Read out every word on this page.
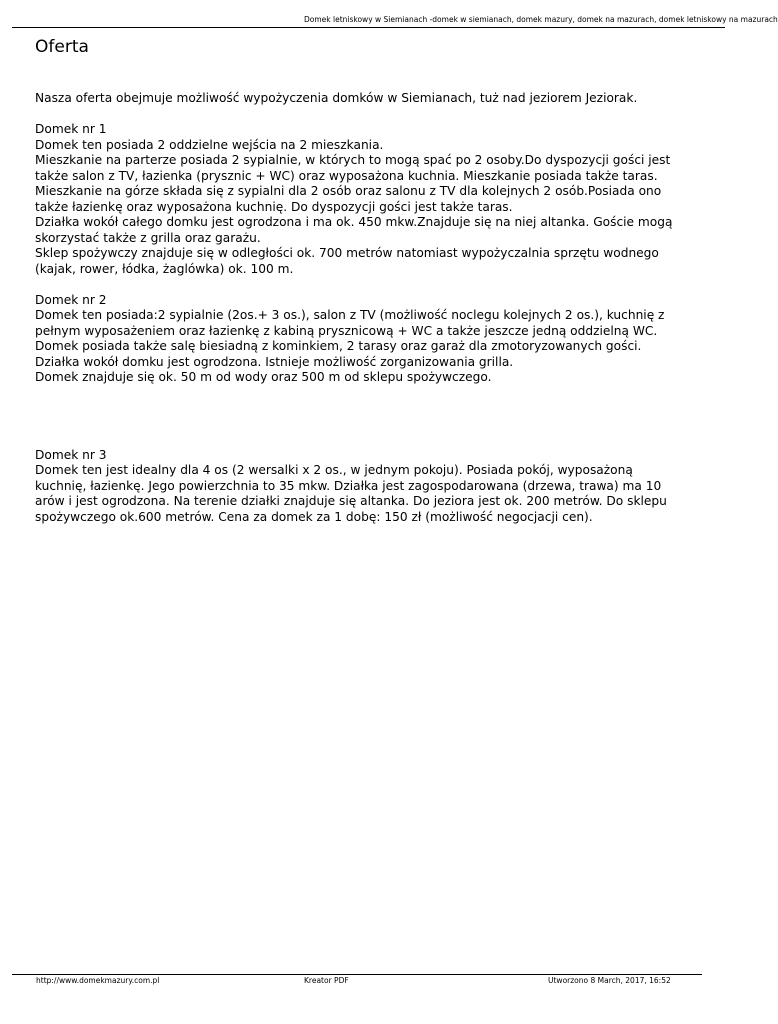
Domek letniskowy w Siemianach -domek w siemianach, domek mazury, domek na mazurach, domek letniskowy na mazurach
Oferta

Nasza oferta obejmuje możliwość wypożyczenia domków w Siemianach, tuż nad jeziorem Jeziorak.

Domek nr 1

Domek ten posiada 2 oddzielne wejścia na 2 mieszkania.

Mieszkanie na parterze posiada 2 sypialnie, w których to mogą spać po 2 osoby.Do dyspozycji gości jest

także salon z TV, łazienka (prysznic + WC) oraz wyposażona kuchnia. Mieszkanie posiada także taras.

Mieszkanie na górze składa się z sypialni dla 2 osób oraz salonu z TV dla kolejnych 2 osób.Posiada ono

także łazienkę oraz wyposażona kuchnię. Do dyspozycji gości jest także taras.

Działka wokół całego domku jest ogrodzona i ma ok. 450 mkw.Znajduje się na niej altanka. Goście mogą

skorzystać także z grilla oraz garażu.

Sklep spożywczy znajduje się w odległości ok. 700 metrów natomiast wypożyczalnia sprzętu wodnego

(kajak, rower, łódka, żaglówka) ok. 100 m.

Domek nr 2

Domek ten posiada:2 sypialnie (2os.+ 3 os.), salon z TV (możliwość noclegu kolejnych 2 os.), kuchnię z

pełnym wyposażeniem oraz łazienkę z kabiną prysznicową + WC a także jeszcze jedną oddzielną WC.

Domek posiada także salę biesiadną z kominkiem, 2 tarasy oraz garaż dla zmotoryzowanych gości.

Działka wokół domku jest ogrodzona. Istnieje możliwość zorganizowania grilla.

Domek znajduje się ok. 50 m od wody oraz 500 m od sklepu spożywczego.

Domek nr 3

Domek ten jest idealny dla 4 os (2 wersalki x 2 os., w jednym pokoju). Posiada pokój, wyposażoną

kuchnię, łazienkę. Jego powierzchnia to 35 mkw. Działka jest zagospodarowana (drzewa, trawa) ma 10

arów i jest ogrodzona. Na terenie działki znajduje się altanka. Do jeziora jest ok. 200 metrów. Do sklepu

spożywczego ok.600 metrów. Cena za domek za 1 dobę: 150 zł (możliwość negocjacji cen).

http://www.domekmazury.com.pl	Kreator PDF	Utworzono 8 March, 2017, 16:52
